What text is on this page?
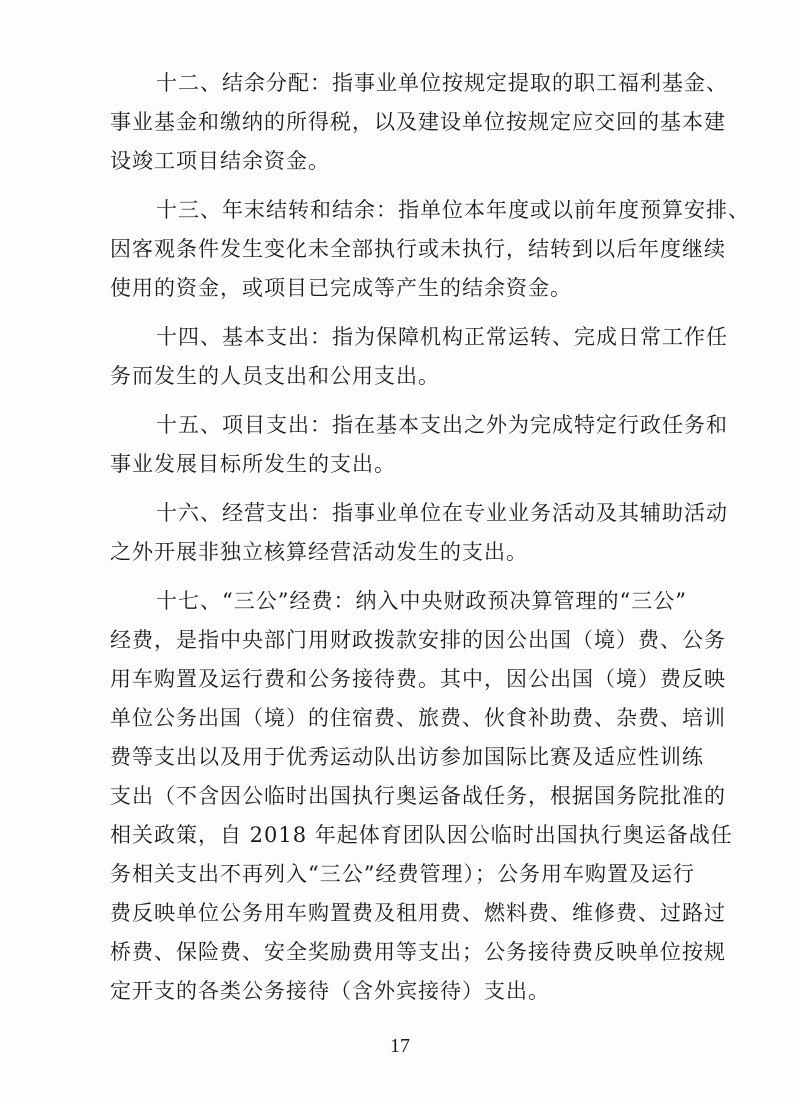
十二、结余分配：指事业单位按规定提取的职工福利基金、
事业基金和缴纳的所得税，以及建设单位按规定应交回的基本建
设竣工项目结余资金。
十三、年末结转和结余：指单位本年度或以前年度预算安排、
因客观条件发生变化未全部执行或未执行，结转到以后年度继续
使用的资金，或项目已完成等产生的结余资金。
十四、基本支出：指为保障机构正常运转、完成日常工作任
务而发生的人员支出和公用支出。
十五、项目支出：指在基本支出之外为完成特定行政任务和
事业发展目标所发生的支出。
十六、经营支出：指事业单位在专业业务活动及其辅助活动
之外开展非独立核算经营活动发生的支出。
十七、“三公”经费：纳入中央财政预决算管理的“三公”
经费，是指中央部门用财政拨款安排的因公出国（境）费、公务
用车购置及运行费和公务接待费。其中，因公出国（境）费反映
单位公务出国（境）的住宿费、旅费、伙食补助费、杂费、培训
费等支出以及用于优秀运动队出访参加国际比赛及适应性训练
支出（不含因公临时出国执行奥运备战任务，根据国务院批准的
相关政策，自 2018 年起体育团队因公临时出国执行奥运备战任
务相关支出不再列入“三公”经费管理）；公务用车购置及运行
费反映单位公务用车购置费及租用费、燃料费、维修费、过路过
桥费、保险费、安全奖励费用等支出；公务接待费反映单位按规
定开支的各类公务接待（含外宾接待）支出。
17
